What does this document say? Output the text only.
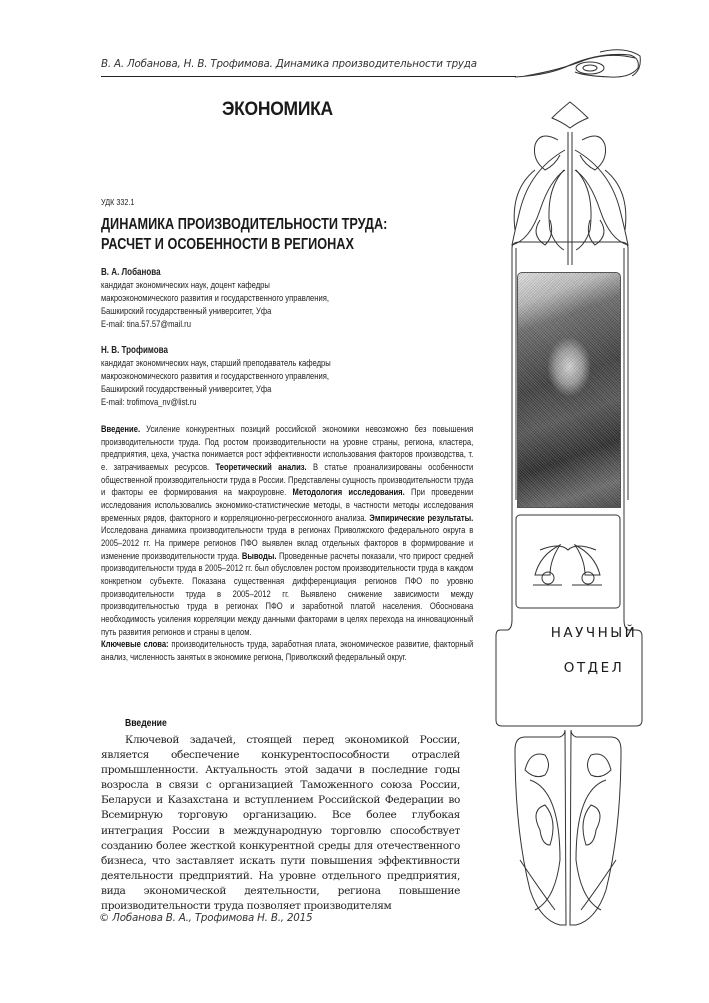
В. А. Лобанова, Н. В. Трофимова. Динамика производительности труда
ЭКОНОМИКА
УДК 332.1
ДИНАМИКА ПРОИЗВОДИТЕЛЬНОСТИ ТРУДА:
РАСЧЕТ И ОСОБЕННОСТИ В РЕГИОНАХ
В. А. Лобанова
кандидат экономических наук, доцент кафедры
макроэкономического развития и государственного управления,
Башкирский государственный университет, Уфа
E-mail: tina.57.57@mail.ru
Н. В. Трофимова
кандидат экономических наук, старший преподаватель кафедры
макроэкономического развития и государственного управления,
Башкирский государственный университет, Уфа
E-mail: trofimova_nv@list.ru
Введение. Усиление конкурентных позиций российской экономики невозможно без повышения производительности труда. Под ростом производительности на уровне страны, региона, кластера, предприятия, цеха, участка понимается рост эффективности использования факторов производства, т. е. затрачиваемых ресурсов. Теоретический анализ. В статье проанализированы особенности общественной производительности труда в России. Представлены сущность производительности труда и факторы ее формирования на макроуровне. Методология исследования. При проведении исследования использовались экономико-статистические методы, в частности методы исследования временных рядов, факторного и корреляционно-регрессионного анализа. Эмпирические результаты. Исследована динамика производительности труда в регионах Приволжского федерального округа в 2005–2012 гг. На примере регионов ПФО выявлен вклад отдельных факторов в формирование и изменение производительности труда. Выводы. Проведенные расчеты показали, что прирост средней производительности труда в 2005–2012 гг. был обусловлен ростом производительности труда в каждом конкретном субъекте. Показана существенная дифференциация регионов ПФО по уровню производительности труда в 2005–2012 гг. Выявлено снижение зависимости между производительностью труда в регионах ПФО и заработной платой населения. Обоснована необходимость усиления корреляции между данными факторами в целях перехода на инновационный путь развития регионов и страны в целом.
Ключевые слова: производительность труда, заработная плата, экономическое развитие, факторный анализ, численность занятых в экономике региона, Приволжский федеральный округ.
Введение

Ключевой задачей, стоящей перед экономикой России, является обеспечение конкурентоспособности отраслей промышленности. Актуальность этой задачи в последние годы возросла в связи с организацией Таможенного союза России, Беларуси и Казахстана и вступлением Российской Федерации во Всемирную торговую организацию. Все более глубокая интеграция России в международную торговлю способствует созданию более жесткой конкурентной среды для отечественного бизнеса, что заставляет искать пути повышения эффективности деятельности предприятий. На уровне отдельного предприятия, вида экономической деятельности, региона повышение производительности труда позволяет производителям

© Лобанова В. А., Трофимова Н. В., 2015
НАУЧНЫЙ
ОТДЕЛ
